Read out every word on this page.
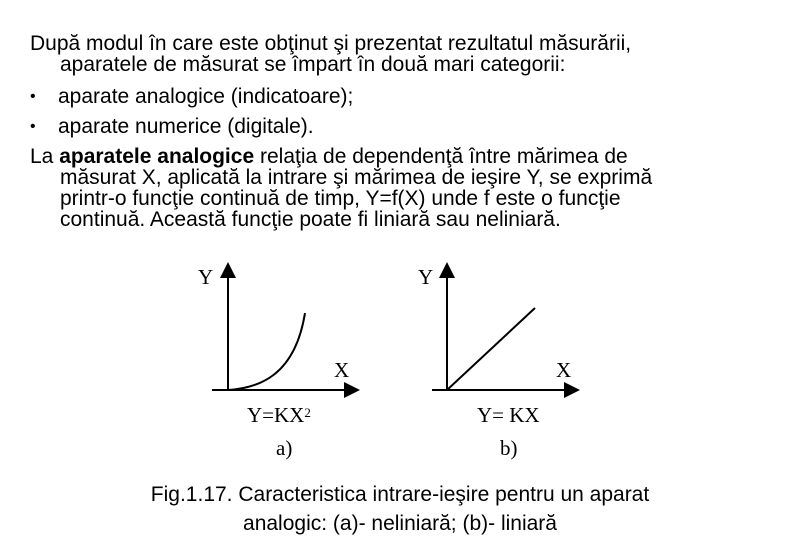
După modul în care este obţinut şi prezentat rezultatul măsurării,
aparatele de măsurat se împart în două mari categorii:
• aparate analogice (indicatoare);
• aparate numerice (digitale).
La aparatele analogice relaţia de dependenţă între mărimea de
măsurat X, aplicată la intrare şi mărimea de ieşire Y, se exprimă
printr-o funcţie continuă de timp, Y=f(X) unde f este o funcţie
continuă. Această funcţie poate fi liniară sau neliniară.
Y
X
$Y=KX^2$
a)
Y
X
Y= KX
b)
Fig.1.17. Caracteristica intrare-ieşire pentru un aparat
analogic: (a)- neliniară; (b)- liniară
